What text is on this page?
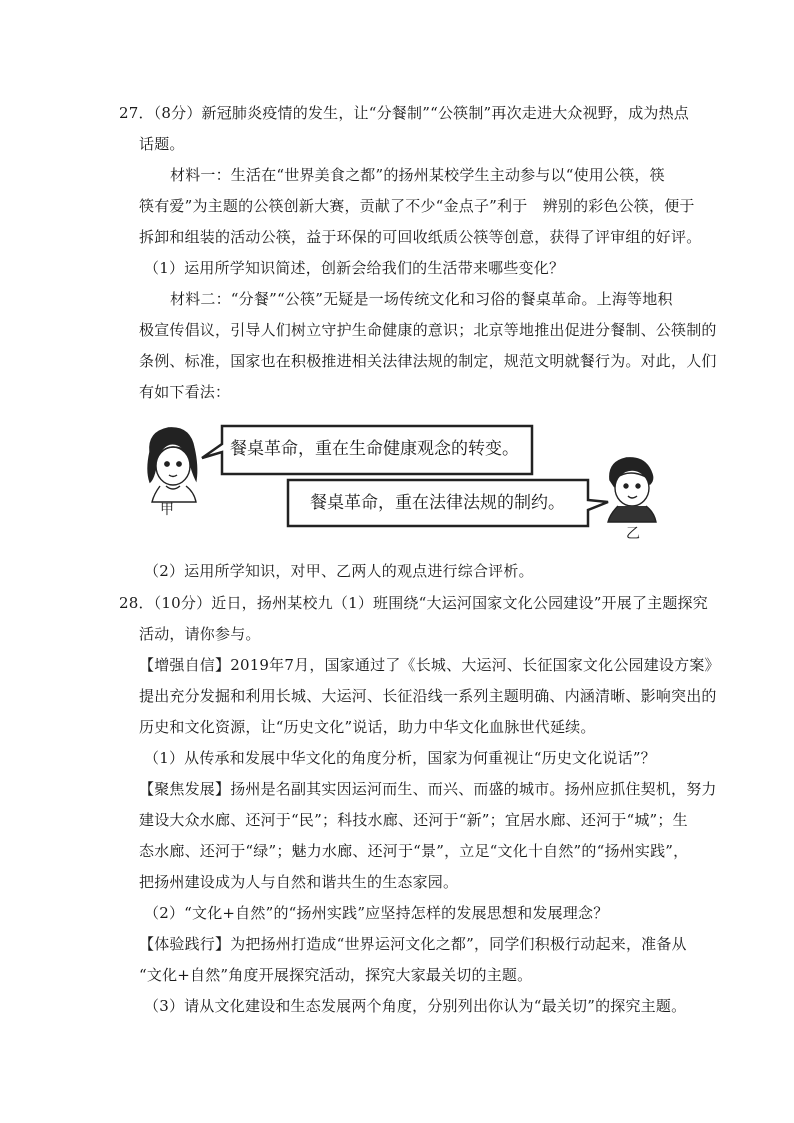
27．（8分）新冠肺炎疫情的发生，让“分餐制”“公筷制”再次走进大众视野，成为热点
话题。
材料一：生活在“世界美食之都”的扬州某校学生主动参与以“使用公筷，筷
筷有爱”为主题的公筷创新大赛，贡献了不少“金点子”利于　辨别的彩色公筷，便于
拆卸和组装的活动公筷，益于环保的可回收纸质公筷等创意，获得了评审组的好评。
（1）运用所学知识简述，创新会给我们的生活带来哪些变化？
材料二：“分餐”“公筷”无疑是一场传统文化和习俗的餐桌革命。上海等地积
极宣传倡议，引导人们树立守护生命健康的意识；北京等地推出促进分餐制、公筷制的
条例、标准，国家也在积极推进相关法律法规的制定，规范文明就餐行为。对此，人们
有如下看法：
餐桌革命，重在生命健康观念的转变。
餐桌革命，重在法律法规的制约。
甲
乙
（2）运用所学知识，对甲、乙两人的观点进行综合评析。
28．（10分）近日，扬州某校九（1）班围绕“大运河国家文化公园建设”开展了主题探究
活动，请你参与。
【增强自信】2019年7月，国家通过了《长城、大运河、长征国家文化公园建设方案》
提出充分发掘和利用长城、大运河、长征沿线一系列主题明确、内涵清晰、影响突出的
历史和文化资源，让“历史文化”说话，助力中华文化血脉世代延续。
（1）从传承和发展中华文化的角度分析，国家为何重视让“历史文化说话”？
【聚焦发展】扬州是名副其实因运河而生、而兴、而盛的城市。扬州应抓住契机，努力
建设大众水廊、还河于“民”；科技水廊、还河于“新”；宜居水廊、还河于“城”；生
态水廊、还河于“绿”；魅力水廊、还河于“景”，立足“文化十自然”的“扬州实践”，
把扬州建设成为人与自然和谐共生的生态家园。
（2）“文化+自然”的“扬州实践”应坚持怎样的发展思想和发展理念？
【体验践行】为把扬州打造成“世界运河文化之都”，同学们积极行动起来，准备从
“文化+自然”角度开展探究活动，探究大家最关切的主题。
（3）请从文化建设和生态发展两个角度，分别列出你认为“最关切”的探究主题。
